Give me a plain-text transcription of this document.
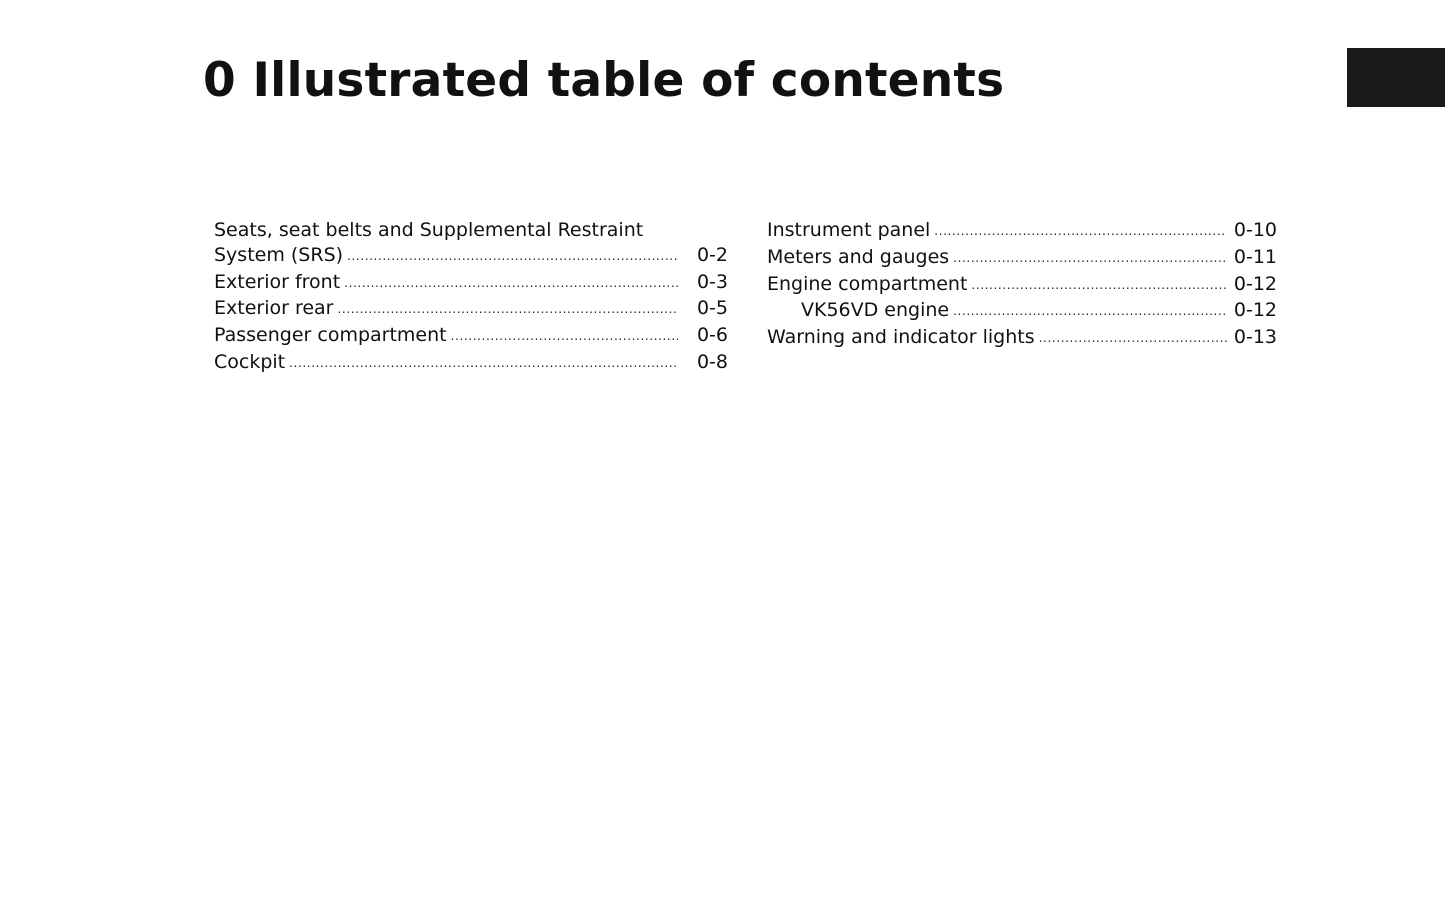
0 Illustrated table of contents
Seats, seat belts and Supplemental Restraint
System (SRS) .....	0-2
Exterior front .....	0-3
Exterior rear .....	0-5
Passenger compartment .....	0-6
Cockpit .....	0-8
Instrument panel .....	0-10
Meters and gauges .....	0-11
Engine compartment .....	0-12
VK56VD engine .....	0-12
Warning and indicator lights .....	0-13
